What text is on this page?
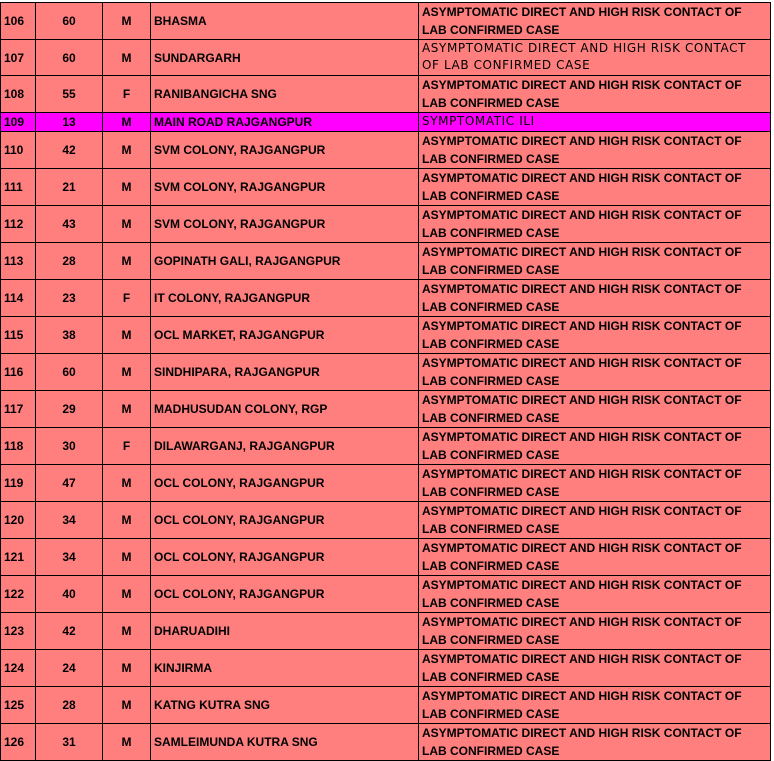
106	60	M	BHASMA	ASYMPTOMATIC DIRECT AND HIGH RISK CONTACT OF LAB CONFIRMED CASE
107	60	M	SUNDARGARH	ASYMPTOMATIC DIRECT AND HIGH RISK CONTACT OF LAB CONFIRMED CASE
108	55	F	RANIBANGICHA SNG	ASYMPTOMATIC DIRECT AND HIGH RISK CONTACT OF LAB CONFIRMED CASE
109	13	M	MAIN ROAD RAJGANGPUR	SYMPTOMATIC ILI
110	42	M	SVM COLONY, RAJGANGPUR	ASYMPTOMATIC DIRECT AND HIGH RISK CONTACT OF LAB CONFIRMED CASE
111	21	M	SVM COLONY, RAJGANGPUR	ASYMPTOMATIC DIRECT AND HIGH RISK CONTACT OF LAB CONFIRMED CASE
112	43	M	SVM COLONY, RAJGANGPUR	ASYMPTOMATIC DIRECT AND HIGH RISK CONTACT OF LAB CONFIRMED CASE
113	28	M	GOPINATH GALI, RAJGANGPUR	ASYMPTOMATIC DIRECT AND HIGH RISK CONTACT OF LAB CONFIRMED CASE
114	23	F	IT COLONY, RAJGANGPUR	ASYMPTOMATIC DIRECT AND HIGH RISK CONTACT OF LAB CONFIRMED CASE
115	38	M	OCL MARKET, RAJGANGPUR	ASYMPTOMATIC DIRECT AND HIGH RISK CONTACT OF LAB CONFIRMED CASE
116	60	M	SINDHIPARA, RAJGANGPUR	ASYMPTOMATIC DIRECT AND HIGH RISK CONTACT OF LAB CONFIRMED CASE
117	29	M	MADHUSUDAN COLONY, RGP	ASYMPTOMATIC DIRECT AND HIGH RISK CONTACT OF LAB CONFIRMED CASE
118	30	F	DILAWARGANJ, RAJGANGPUR	ASYMPTOMATIC DIRECT AND HIGH RISK CONTACT OF LAB CONFIRMED CASE
119	47	M	OCL COLONY, RAJGANGPUR	ASYMPTOMATIC DIRECT AND HIGH RISK CONTACT OF LAB CONFIRMED CASE
120	34	M	OCL COLONY, RAJGANGPUR	ASYMPTOMATIC DIRECT AND HIGH RISK CONTACT OF LAB CONFIRMED CASE
121	34	M	OCL COLONY, RAJGANGPUR	ASYMPTOMATIC DIRECT AND HIGH RISK CONTACT OF LAB CONFIRMED CASE
122	40	M	OCL COLONY, RAJGANGPUR	ASYMPTOMATIC DIRECT AND HIGH RISK CONTACT OF LAB CONFIRMED CASE
123	42	M	DHARUADIHI	ASYMPTOMATIC DIRECT AND HIGH RISK CONTACT OF LAB CONFIRMED CASE
124	24	M	KINJIRMA	ASYMPTOMATIC DIRECT AND HIGH RISK CONTACT OF LAB CONFIRMED CASE
125	28	M	KATNG KUTRA SNG	ASYMPTOMATIC DIRECT AND HIGH RISK CONTACT OF LAB CONFIRMED CASE
126	31	M	SAMLEIMUNDA KUTRA SNG	ASYMPTOMATIC DIRECT AND HIGH RISK CONTACT OF LAB CONFIRMED CASE
